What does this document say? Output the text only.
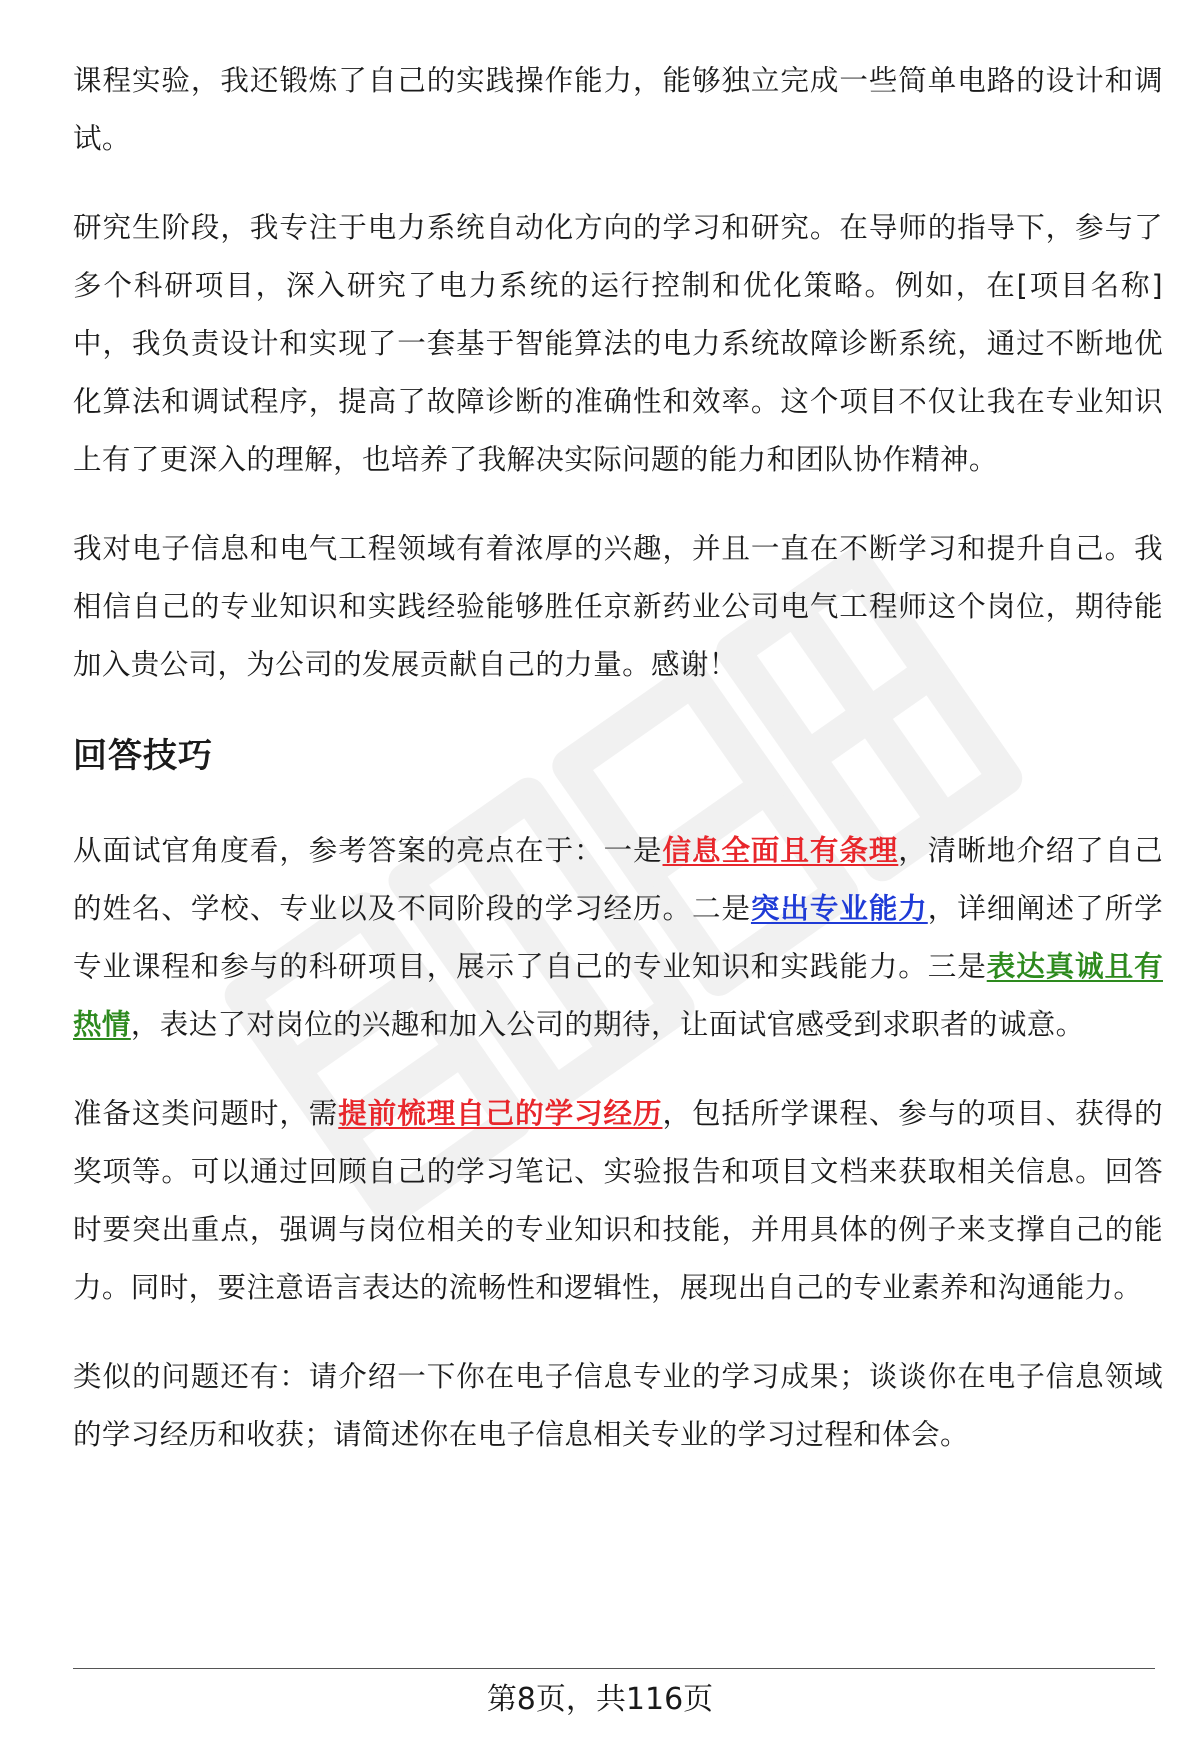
课程实验，我还锻炼了自己的实践操作能力，能够独立完成一些简单电路的设计和调试。

研究生阶段，我专注于电力系统自动化方向的学习和研究。在导师的指导下，参与了多个科研项目，深入研究了电力系统的运行控制和优化策略。例如，在[项目名称]中，我负责设计和实现了一套基于智能算法的电力系统故障诊断系统，通过不断地优化算法和调试程序，提高了故障诊断的准确性和效率。这个项目不仅让我在专业知识上有了更深入的理解，也培养了我解决实际问题的能力和团队协作精神。

我对电子信息和电气工程领域有着浓厚的兴趣，并且一直在不断学习和提升自己。我相信自己的专业知识和实践经验能够胜任京新药业公司电气工程师这个岗位，期待能加入贵公司，为公司的发展贡献自己的力量。感谢！

回答技巧

从面试官角度看，参考答案的亮点在于：一是信息全面且有条理，清晰地介绍了自己的姓名、学校、专业以及不同阶段的学习经历。二是突出专业能力，详细阐述了所学专业课程和参与的科研项目，展示了自己的专业知识和实践能力。三是表达真诚且有热情，表达了对岗位的兴趣和加入公司的期待，让面试官感受到求职者的诚意。

准备这类问题时，需提前梳理自己的学习经历，包括所学课程、参与的项目、获得的奖项等。可以通过回顾自己的学习笔记、实验报告和项目文档来获取相关信息。回答时要突出重点，强调与岗位相关的专业知识和技能，并用具体的例子来支撑自己的能力。同时，要注意语言表达的流畅性和逻辑性，展现出自己的专业素养和沟通能力。

类似的问题还有：请介绍一下你在电子信息专业的学习成果；谈谈你在电子信息领域的学习经历和收获；请简述你在电子信息相关专业的学习过程和体会。

第8页，共116页
